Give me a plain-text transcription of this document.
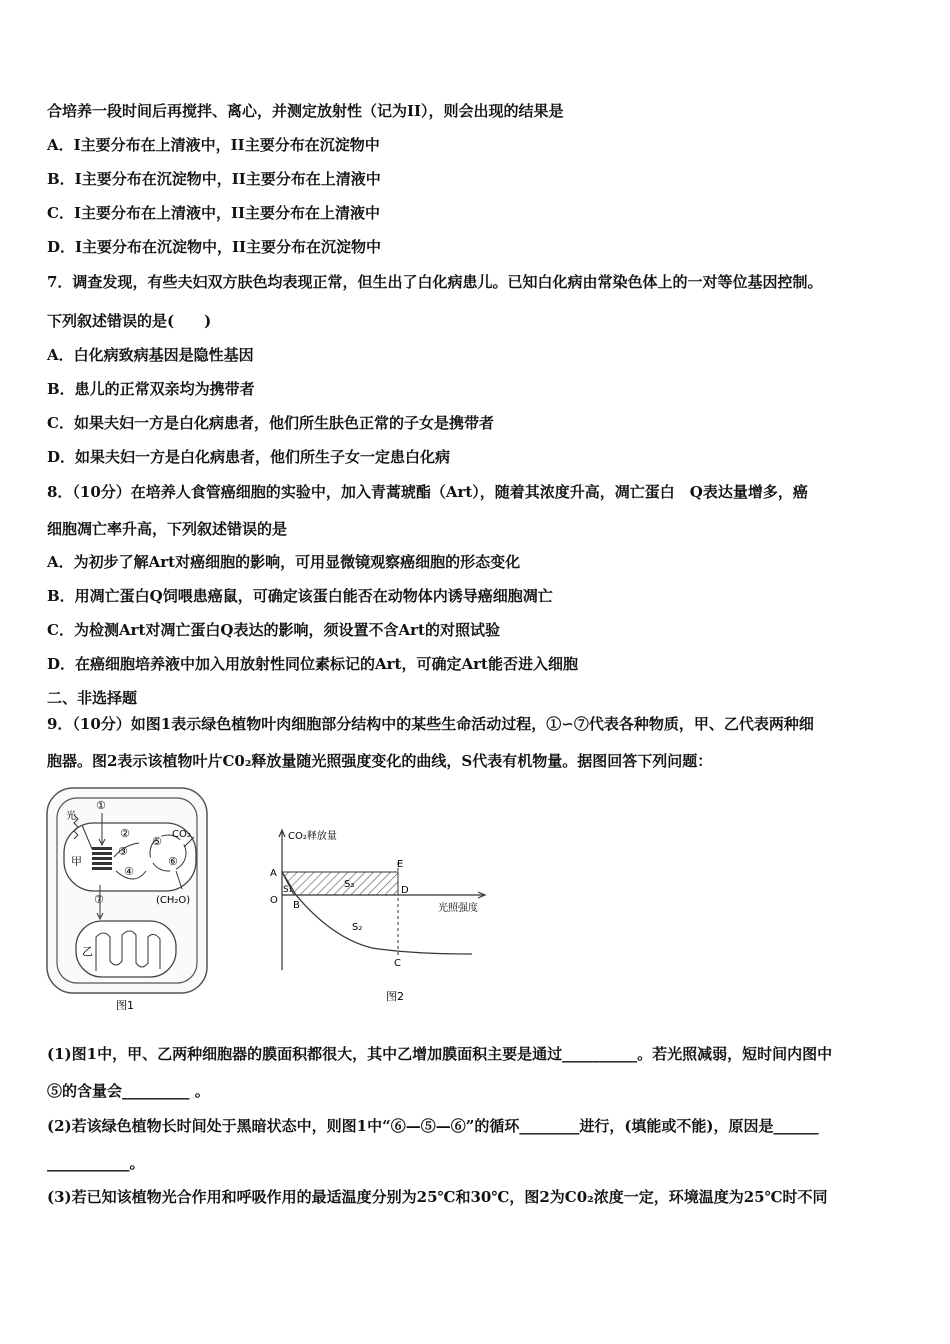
合培养一段时间后再搅拌、离心，并测定放射性（记为II），则会出现的结果是
A．I主要分布在上清液中，II主要分布在沉淀物中
B．I主要分布在沉淀物中，II主要分布在上清液中
C．I主要分布在上清液中，II主要分布在上清液中
D．I主要分布在沉淀物中，II主要分布在沉淀物中
7．调查发现，有些夫妇双方肤色均表现正常，但生出了白化病患儿。已知白化病由常染色体上的一对等位基因控制。
下列叙述错误的是(　　)
A．白化病致病基因是隐性基因
B．患儿的正常双亲均为携带者
C．如果夫妇一方是白化病患者，他们所生肤色正常的子女是携带者
D．如果夫妇一方是白化病患者，他们所生子女一定患白化病
8．（10分）在培养人食管癌细胞的实验中，加入青蒿琥酯（Art），随着其浓度升高，凋亡蛋白　Q表达量增多，癌
细胞凋亡率升高，下列叙述错误的是
A．为初步了解Art对癌细胞的影响，可用显微镜观察癌细胞的形态变化
B．用凋亡蛋白Q饲喂患癌鼠，可确定该蛋白能否在动物体内诱导癌细胞凋亡
C．为检测Art对凋亡蛋白Q表达的影响，须设置不含Art的对照试验
D．在癌细胞培养液中加入用放射性同位素标记的Art，可确定Art能否进入细胞
二、非选择题
9．（10分）如图1表示绿色植物叶肉细胞部分结构中的某些生命活动过程，①∽⑦代表各种物质，甲、乙代表两种细
胞器。图2表示该植物叶片C0₂释放量随光照强度变化的曲线，S代表有机物量。据图回答下列问题：
(1)图1中，甲、乙两种细胞器的膜面积都很大，其中乙增加膜面积主要是通过__________。若光照减弱，短时间内图中
⑤的含量会_________ 。
(2)若该绿色植物长时间处于黑暗状态中，则图1中“⑥—⑤—⑥”的循环________进行，(填能或不能)，原因是______
___________。
(3)若已知该植物光合作用和呼吸作用的最适温度分别为25℃和30℃，图2为C0₂浓度一定，环境温度为25℃时不同
光
①
②
③
④
⑤
⑥
⑦
CO₂
(CH₂O)
甲
乙
图1
CO₂释放量
光照强度
A
B
C
D
E
O
S₁
S₂
S₃
图2
